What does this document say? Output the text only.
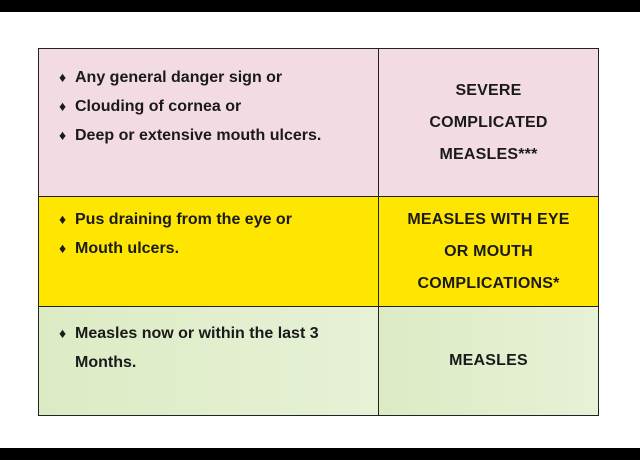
♦ Any general danger sign or
♦ Clouding of cornea or
♦ Deep or extensive mouth ulcers.
SEVERE
COMPLICATED
MEASLES***
♦ Pus draining from the eye or
♦ Mouth ulcers.
MEASLES WITH EYE
OR MOUTH
COMPLICATIONS*
♦ Measles now or within the last 3
Months.	MEASLES
